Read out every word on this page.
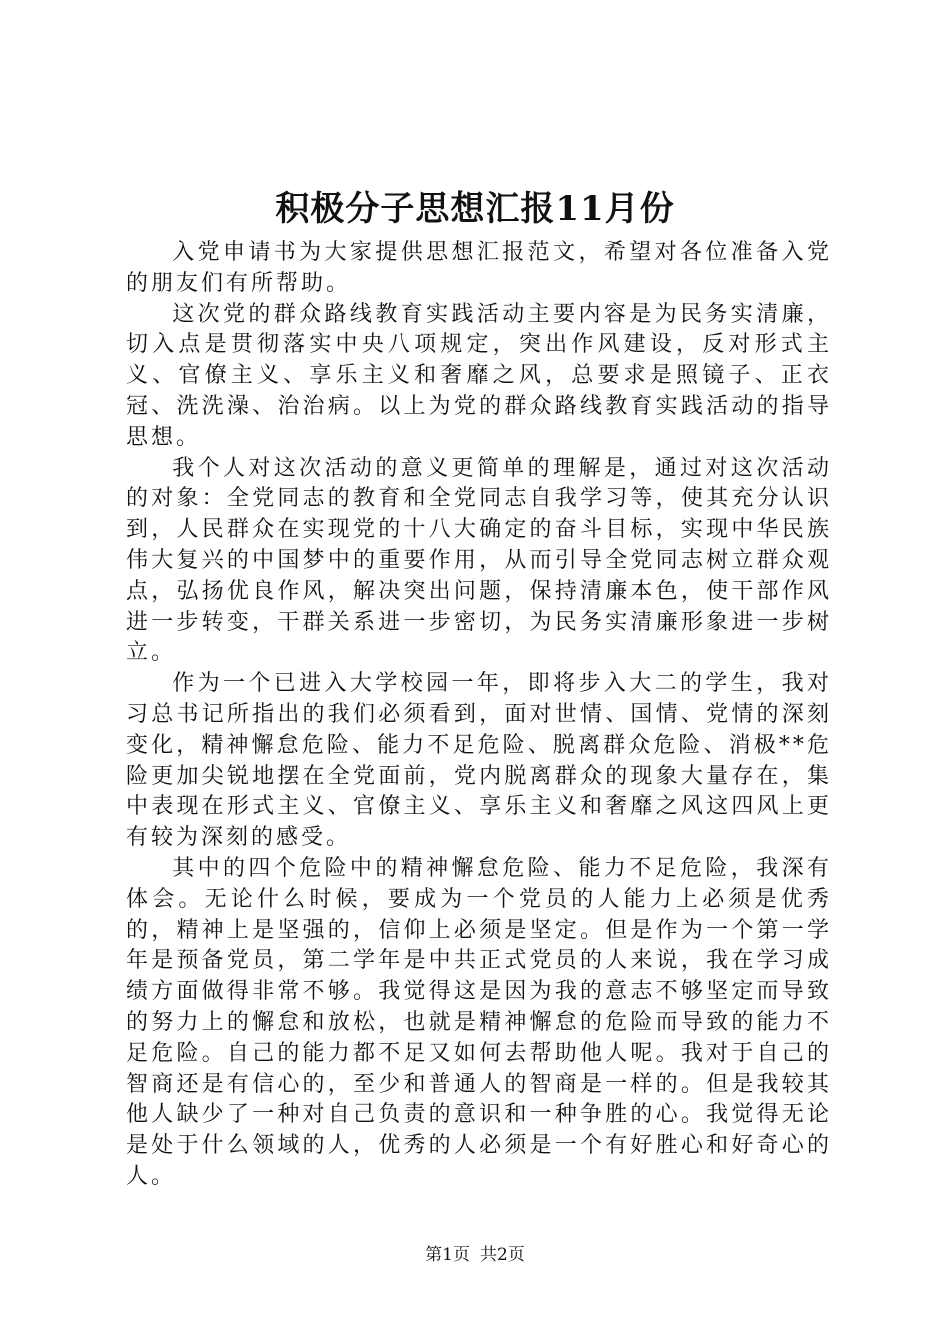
积极分子思想汇报11月份

入党申请书为大家提供思想汇报范文，希望对各位准备入党的朋友们有所帮助。

这次党的群众路线教育实践活动主要内容是为民务实清廉，切入点是贯彻落实中央八项规定，突出作风建设，反对形式主义、官僚主义、享乐主义和奢靡之风，总要求是照镜子、正衣冠、洗洗澡、治治病。以上为党的群众路线教育实践活动的指导思想。

我个人对这次活动的意义更简单的理解是，通过对这次活动的对象：全党同志的教育和全党同志自我学习等，使其充分认识到，人民群众在实现党的十八大确定的奋斗目标，实现中华民族伟大复兴的中国梦中的重要作用，从而引导全党同志树立群众观点，弘扬优良作风，解决突出问题，保持清廉本色，使干部作风进一步转变，干群关系进一步密切，为民务实清廉形象进一步树立。

作为一个已进入大学校园一年，即将步入大二的学生，我对习总书记所指出的我们必须看到，面对世情、国情、党情的深刻变化，精神懈怠危险、能力不足危险、脱离群众危险、消极**危险更加尖锐地摆在全党面前，党内脱离群众的现象大量存在，集中表现在形式主义、官僚主义、享乐主义和奢靡之风这四风上更有较为深刻的感受。

其中的四个危险中的精神懈怠危险、能力不足危险，我深有体会。无论什么时候，要成为一个党员的人能力上必须是优秀的，精神上是坚强的，信仰上必须是坚定。但是作为一个第一学年是预备党员，第二学年是中共正式党员的人来说，我在学习成绩方面做得非常不够。我觉得这是因为我的意志不够坚定而导致的努力上的懈怠和放松，也就是精神懈怠的危险而导致的能力不足危险。自己的能力都不足又如何去帮助他人呢。我对于自己的智商还是有信心的，至少和普通人的智商是一样的。但是我较其他人缺少了一种对自己负责的意识和一种争胜的心。我觉得无论是处于什么领域的人，优秀的人必须是一个有好胜心和好奇心的人。

第1页 共2页
